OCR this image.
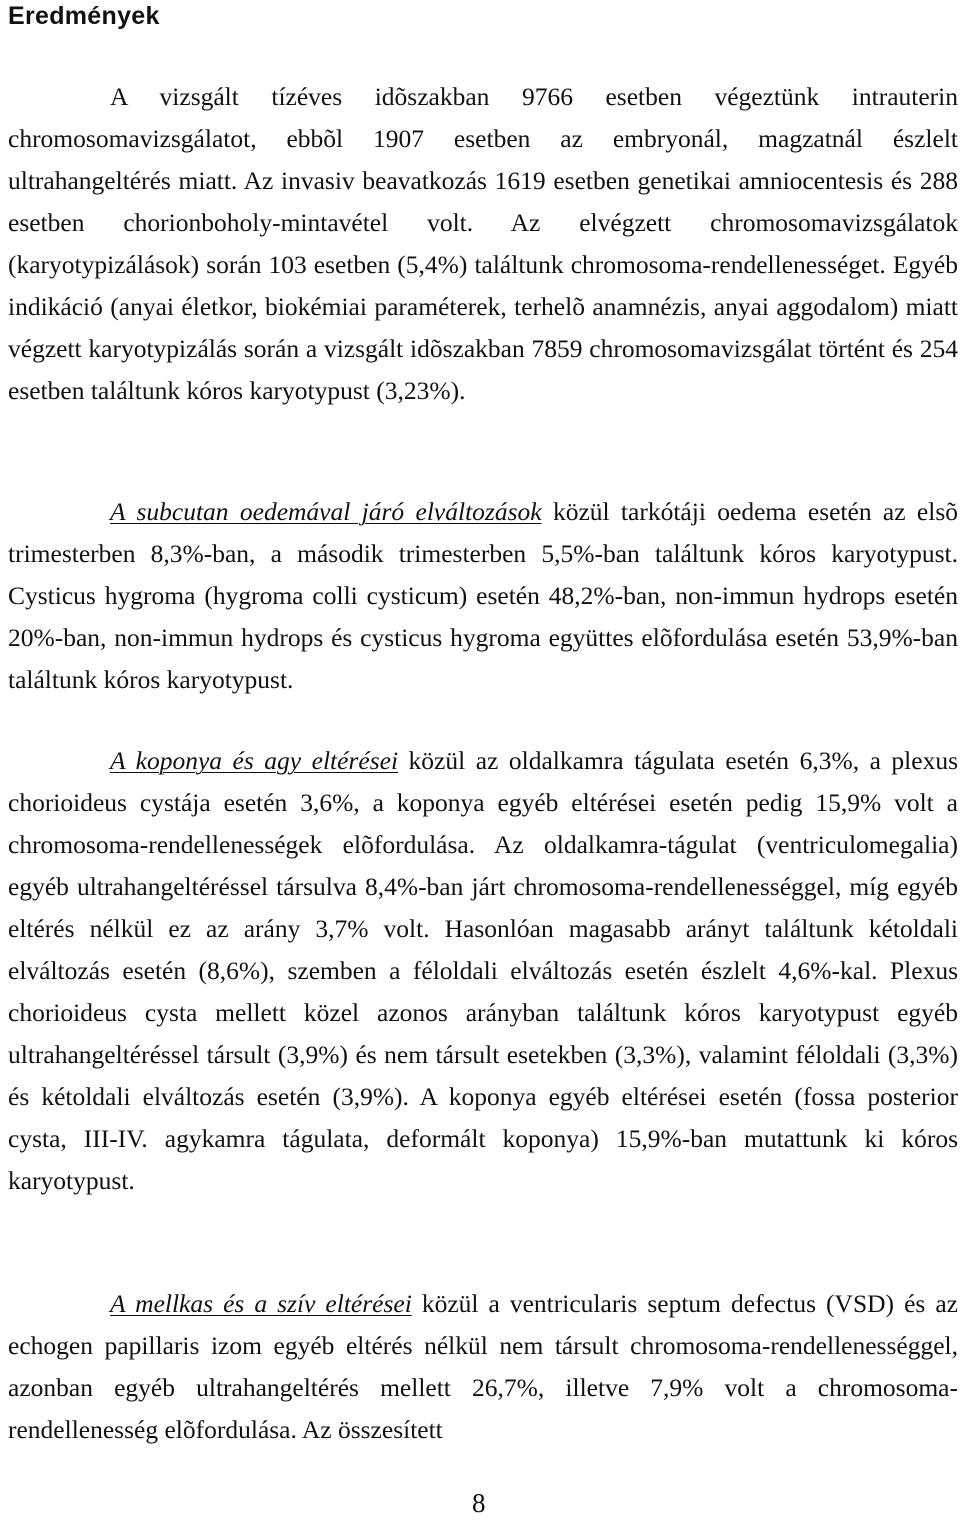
Eredmények

A vizsgált tízéves idõszakban 9766 esetben végeztünk intrauterin chromosomavizsgálatot, ebbõl 1907 esetben az embryonál, magzatnál észlelt ultrahangeltérés miatt. Az invasiv beavatkozás 1619 esetben genetikai amniocentesis és 288 esetben chorionboholy-mintavétel volt. Az elvégzett chromosomavizsgálatok (karyotypizálások) során 103 esetben (5,4%) találtunk chromosoma-rendellenességet. Egyéb indikáció (anyai életkor, biokémiai paraméterek, terhelõ anamnézis, anyai aggodalom) miatt végzett karyotypizálás során a vizsgált idõszakban 7859 chromosomavizsgálat történt és 254 esetben találtunk kóros karyotypust (3,23%).

A subcutan oedemával járó elváltozások közül tarkótáji oedema esetén az elsõ trimesterben 8,3%-ban, a második trimesterben 5,5%-ban találtunk kóros karyotypust. Cysticus hygroma (hygroma colli cysticum) esetén 48,2%-ban, non-immun hydrops esetén 20%-ban, non-immun hydrops és cysticus hygroma együttes elõfordulása esetén 53,9%-ban találtunk kóros karyotypust.

A koponya és agy eltérései közül az oldalkamra tágulata esetén 6,3%, a plexus chorioideus cystája esetén 3,6%, a koponya egyéb eltérései esetén pedig 15,9% volt a chromosoma-rendellenességek elõfordulása. Az oldalkamra-tágulat (ventriculomegalia) egyéb ultrahangeltéréssel társulva 8,4%-ban járt chromosoma-rendellenességgel, míg egyéb eltérés nélkül ez az arány 3,7% volt. Hasonlóan magasabb arányt találtunk kétoldali elváltozás esetén (8,6%), szemben a féloldali elváltozás esetén észlelt 4,6%-kal. Plexus chorioideus cysta mellett közel azonos arányban találtunk kóros karyotypust egyéb ultrahangeltéréssel társult (3,9%) és nem társult esetekben (3,3%), valamint féloldali (3,3%) és kétoldali elváltozás esetén (3,9%). A koponya egyéb eltérései esetén (fossa posterior cysta, III-IV. agykamra tágulata, deformált koponya) 15,9%-ban mutattunk ki kóros karyotypust.

A mellkas és a szív eltérései közül a ventricularis septum defectus (VSD) és az echogen papillaris izom egyéb eltérés nélkül nem társult chromosoma-rendellenességgel, azonban egyéb ultrahangeltérés mellett 26,7%, illetve 7,9% volt a chromosoma-rendellenesség elõfordulása. Az összesített

8
